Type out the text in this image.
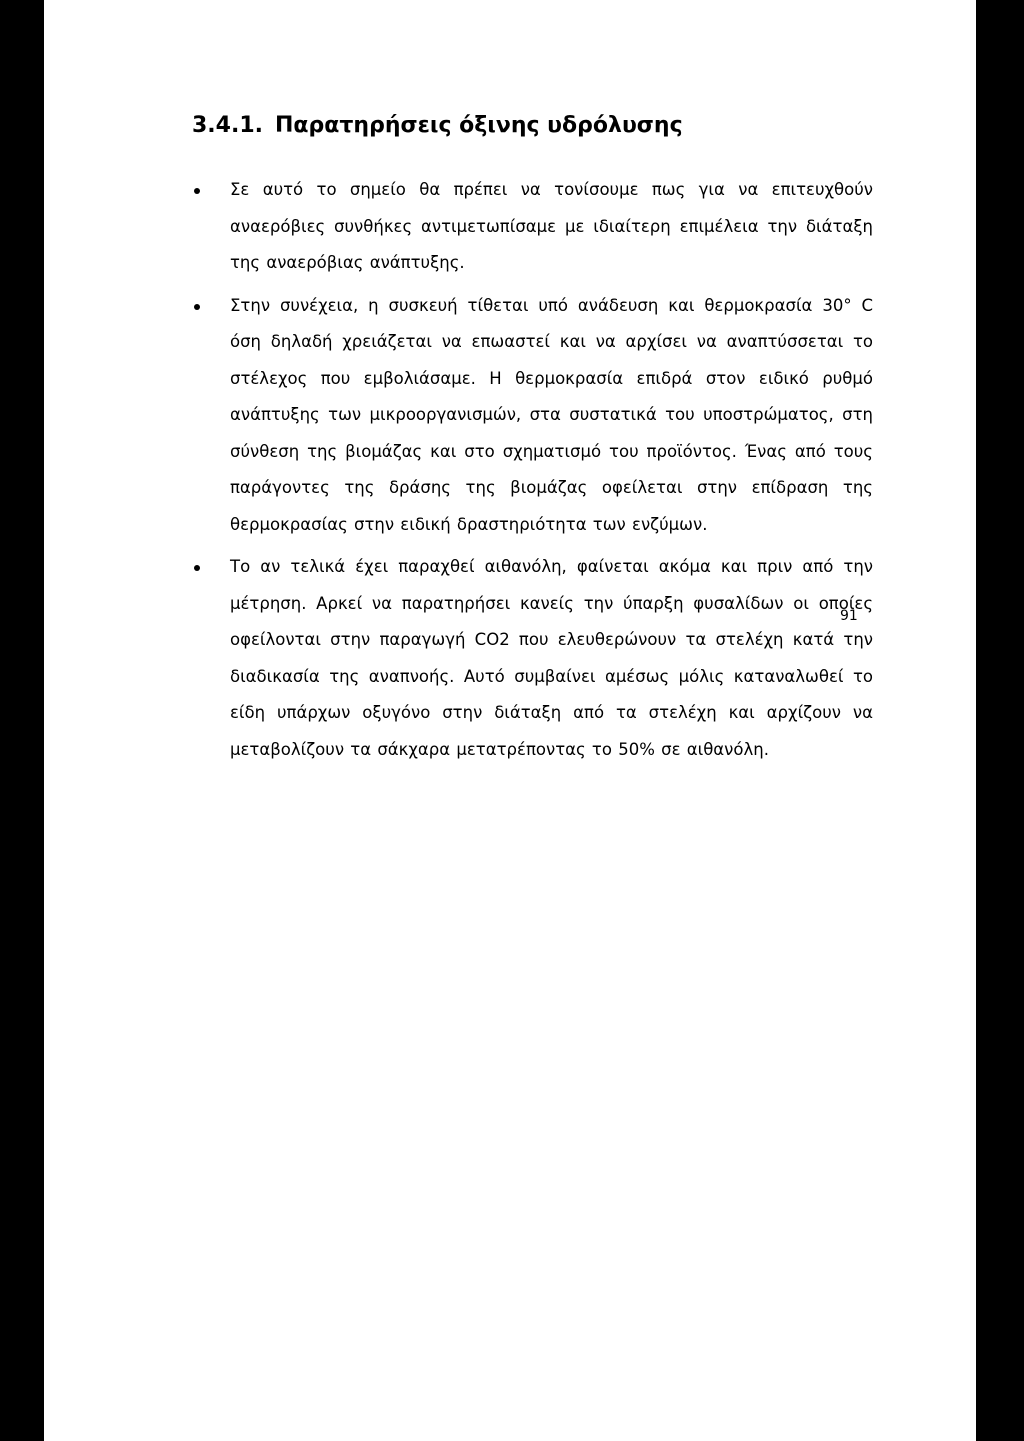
3.4.1. Παρατηρήσεις όξινης υδρόλυσης
Σε αυτό το σημείο θα πρέπει να τονίσουμε πως για να επιτευχθούν αναερόβιες συνθήκες αντιμετωπίσαμε με ιδιαίτερη επιμέλεια την διάταξη της αναερόβιας ανάπτυξης.
Στην συνέχεια, η συσκευή τίθεται υπό ανάδευση και θερμοκρασία 30° C όση δηλαδή χρειάζεται να επωαστεί και να αρχίσει να αναπτύσσεται το στέλεχος που εμβολιάσαμε. Η θερμοκρασία επιδρά στον ειδικό ρυθμό ανάπτυξης των μικροοργανισμών, στα συστατικά του υποστρώματος, στη σύνθεση της βιομάζας και στο σχηματισμό του προϊόντος. Ένας από τους παράγοντες της δράσης της βιομάζας οφείλεται στην επίδραση της θερμοκρασίας στην ειδική δραστηριότητα των ενζύμων.
Το αν τελικά έχει παραχθεί αιθανόλη, φαίνεται ακόμα και πριν από την μέτρηση. Αρκεί να παρατηρήσει κανείς την ύπαρξη φυσαλίδων οι οποίες οφείλονται στην παραγωγή CO2 που ελευθερώνουν τα στελέχη κατά την διαδικασία της αναπνοής. Αυτό συμβαίνει αμέσως μόλις καταναλωθεί το είδη υπάρχων οξυγόνο στην διάταξη από τα στελέχη και αρχίζουν να μεταβολίζουν τα σάκχαρα μετατρέποντας το 50% σε αιθανόλη.

91
